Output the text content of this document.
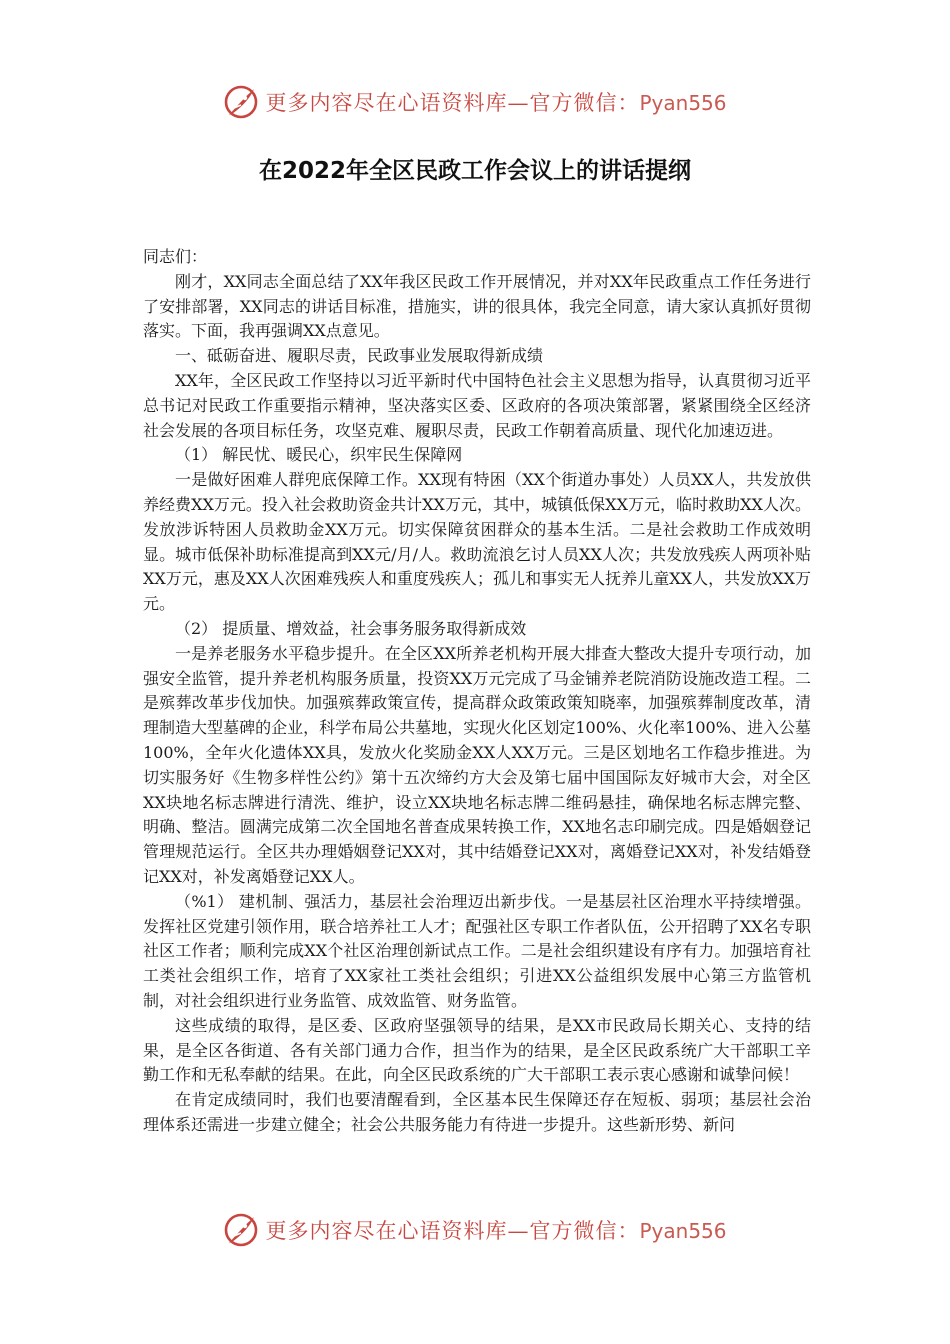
更多内容尽在心语资料库—官方微信：Pyan556
在2022年全区民政工作会议上的讲话提纲

同志们：

刚才，XX同志全面总结了XX年我区民政工作开展情况，并对XX年民政重点工作任务进行了安排部署，XX同志的讲话目标准，措施实，讲的很具体，我完全同意，请大家认真抓好贯彻落实。下面，我再强调XX点意见。

一、砥砺奋进、履职尽责，民政事业发展取得新成绩

XX年，全区民政工作坚持以习近平新时代中国特色社会主义思想为指导，认真贯彻习近平总书记对民政工作重要指示精神，坚决落实区委、区政府的各项决策部署，紧紧围绕全区经济社会发展的各项目标任务，攻坚克难、履职尽责，民政工作朝着高质量、现代化加速迈进。

（1） 解民忧、暖民心，织牢民生保障网

一是做好困难人群兜底保障工作。XX现有特困（XX个街道办事处）人员XX人，共发放供养经费XX万元。投入社会救助资金共计XX万元，其中，城镇低保XX万元，临时救助XX人次。发放涉诉特困人员救助金XX万元。切实保障贫困群众的基本生活。二是社会救助工作成效明显。城市低保补助标准提高到XX元/月/人。救助流浪乞讨人员XX人次；共发放残疾人两项补贴XX万元，惠及XX人次困难残疾人和重度残疾人；孤儿和事实无人抚养儿童XX人，共发放XX万元。

（2） 提质量、增效益，社会事务服务取得新成效

一是养老服务水平稳步提升。在全区XX所养老机构开展大排查大整改大提升专项行动，加强安全监管，提升养老机构服务质量，投资XX万元完成了马金铺养老院消防设施改造工程。二是殡葬改革步伐加快。加强殡葬政策宣传，提高群众政策政策知晓率，加强殡葬制度改革，清理制造大型墓碑的企业，科学布局公共墓地，实现火化区划定100%、火化率100%、进入公墓100%，全年火化遗体XX具，发放火化奖励金XX人XX万元。三是区划地名工作稳步推进。为切实服务好《生物多样性公约》第十五次缔约方大会及第七届中国国际友好城市大会，对全区XX块地名标志牌进行清洗、维护，设立XX块地名标志牌二维码悬挂，确保地名标志牌完整、明确、整洁。圆满完成第二次全国地名普查成果转换工作，XX地名志印刷完成。四是婚姻登记管理规范运行。全区共办理婚姻登记XX对，其中结婚登记XX对，离婚登记XX对，补发结婚登记XX对，补发离婚登记XX人。

（%1） 建机制、强活力，基层社会治理迈出新步伐。一是基层社区治理水平持续增强。发挥社区党建引领作用，联合培养社工人才；配强社区专职工作者队伍，公开招聘了XX名专职社区工作者；顺利完成XX个社区治理创新试点工作。二是社会组织建设有序有力。加强培育社工类社会组织工作，培育了XX家社工类社会组织；引进XX公益组织发展中心第三方监管机制，对社会组织进行业务监管、成效监管、财务监管。

这些成绩的取得，是区委、区政府坚强领导的结果，是XX市民政局长期关心、支持的结果，是全区各街道、各有关部门通力合作，担当作为的结果，是全区民政系统广大干部职工辛勤工作和无私奉献的结果。在此，向全区民政系统的广大干部职工表示衷心感谢和诚挚问候！

在肯定成绩同时，我们也要清醒看到，全区基本民生保障还存在短板、弱项；基层社会治理体系还需进一步建立健全；社会公共服务能力有待进一步提升。这些新形势、新问

更多内容尽在心语资料库—官方微信：Pyan556
